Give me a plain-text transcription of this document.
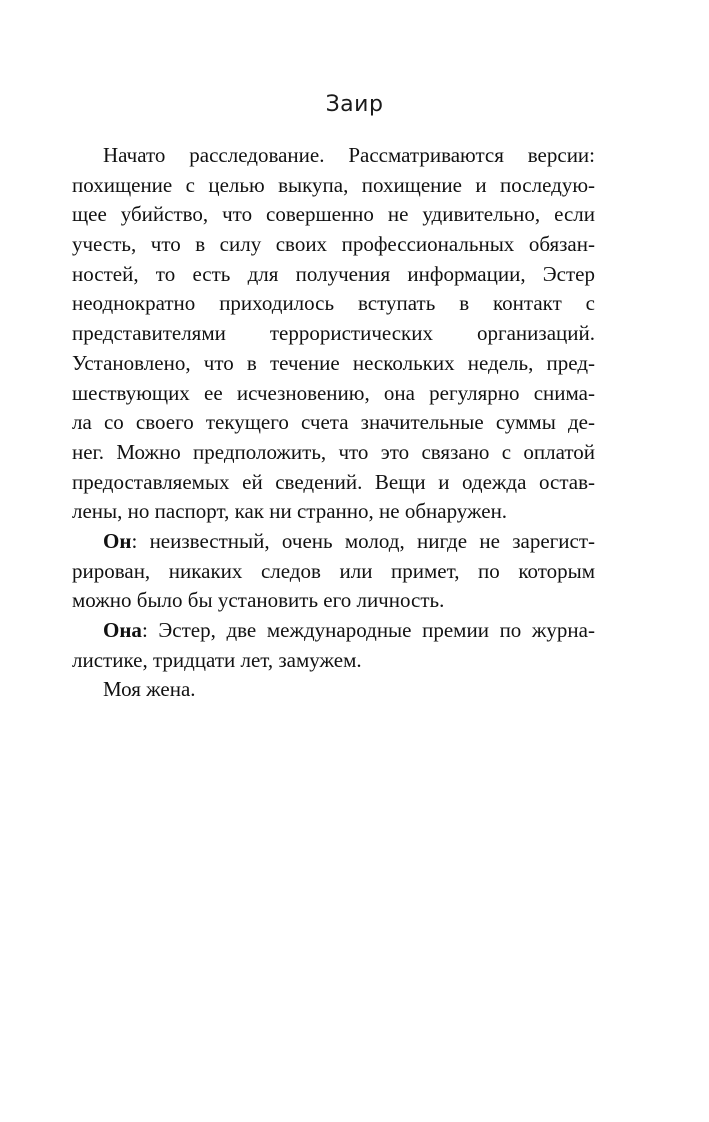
Заир
Начато расследование. Рассматриваются версии:
похищение с целью выкупа, похищение и последую-
щее убийство, что совершенно не удивительно, если
учесть, что в силу своих профессиональных обязан-
ностей, то есть для получения информации, Эстер
неоднократно приходилось вступать в контакт с
представителями террористических организаций.
Установлено, что в течение нескольких недель, пред-
шествующих ее исчезновению, она регулярно снима-
ла со своего текущего счета значительные суммы де-
нег. Можно предположить, что это связано с оплатой
предоставляемых ей сведений. Вещи и одежда остав-
лены, но паспорт, как ни странно, не обнаружен.
Он: неизвестный, очень молод, нигде не зарегист-
рирован, никаких следов или примет, по которым
можно было бы установить его личность.
Она: Эстер, две международные премии по журна-
листике, тридцати лет, замужем.
Моя жена.
